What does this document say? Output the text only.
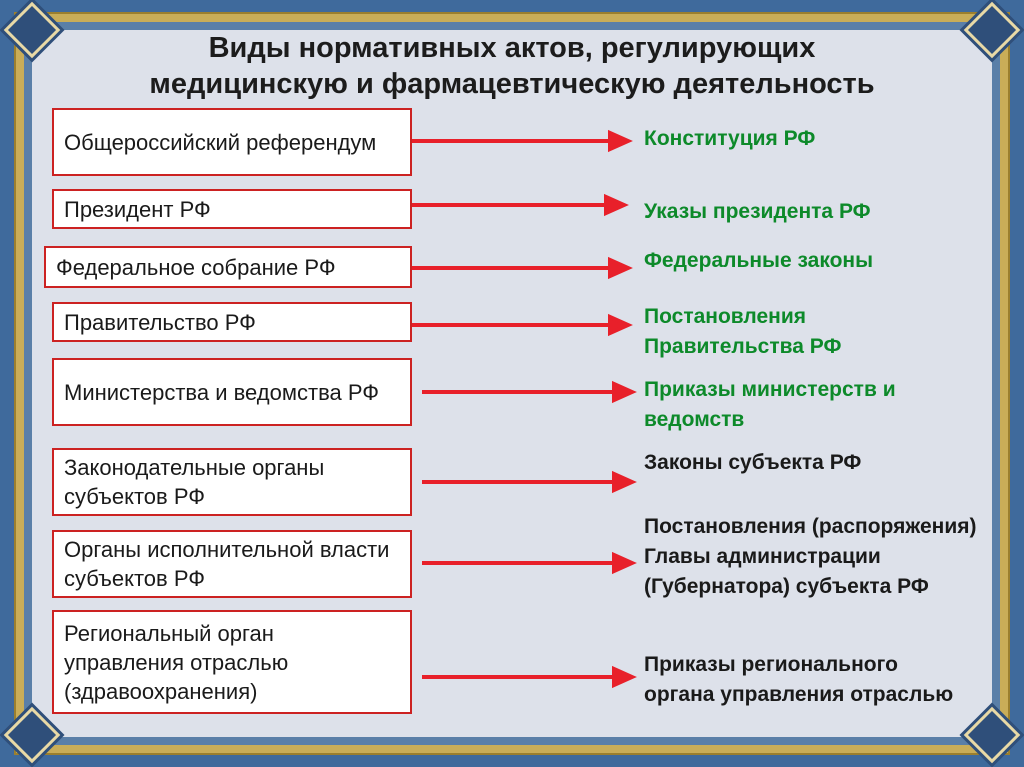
Виды нормативных актов, регулирующих
медицинскую и фармацевтическую деятельность
Общероссийский референдум
Президент РФ
Федеральное собрание РФ
Правительство РФ
Министерства и ведомства РФ
Законодательные органы субъектов РФ
Органы исполнительной власти субъектов РФ
Региональный орган управления отраслью (здравоохранения)
Конституция РФ
Указы президента РФ
Федеральные законы
Постановления Правительства РФ
Приказы министерств и ведомств
Законы субъекта РФ
Постановления (распоряжения) Главы администрации (Губернатора) субъекта РФ
Приказы регионального органа управления отраслью
